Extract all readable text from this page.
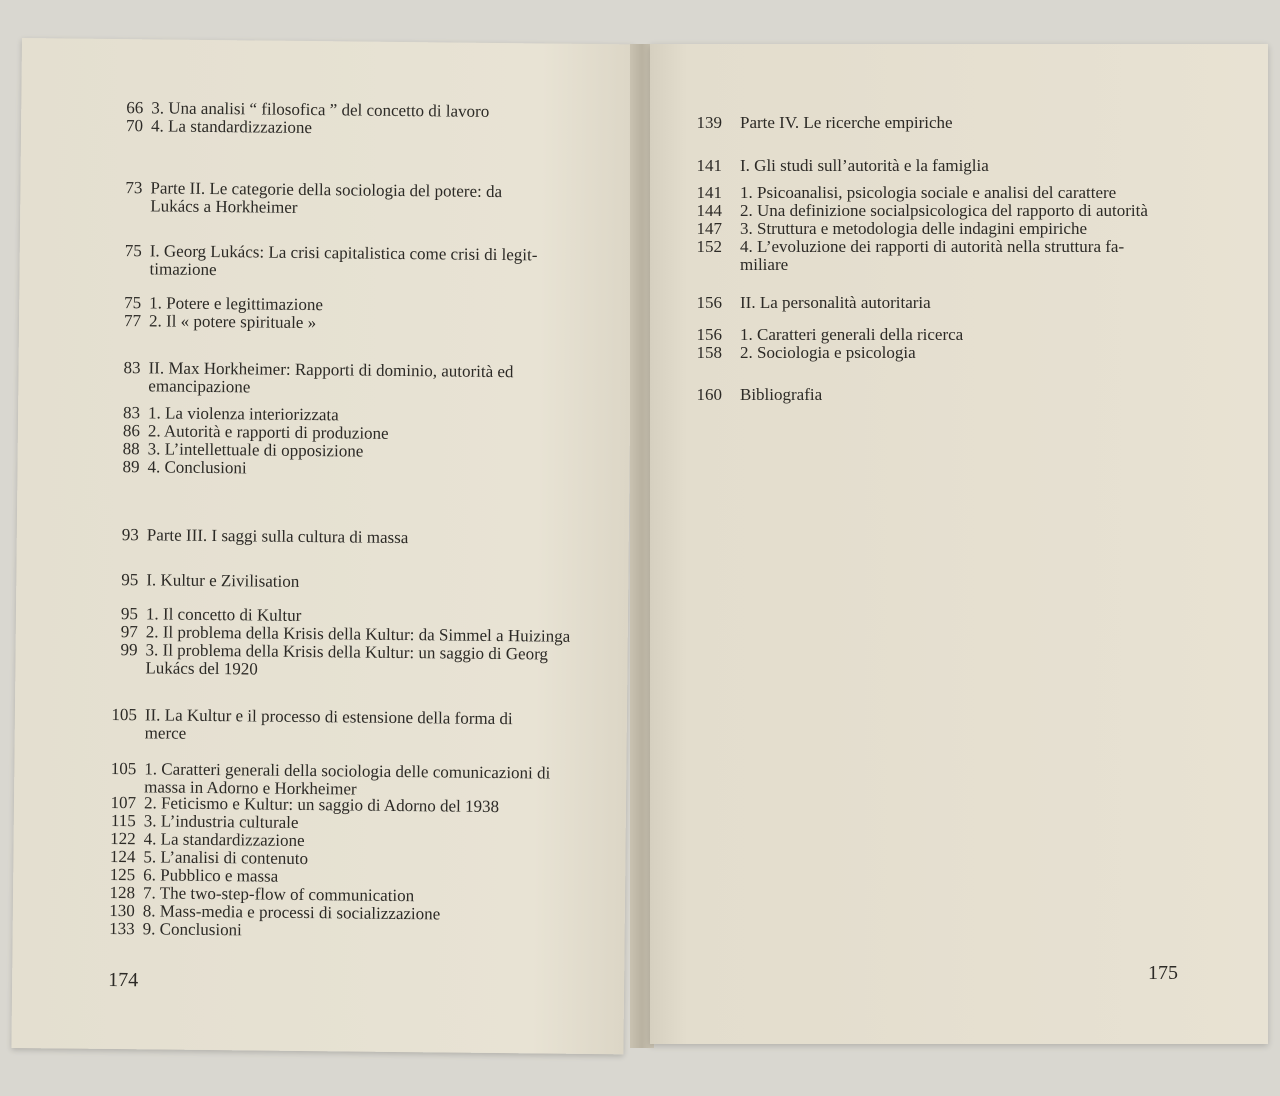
66 3. Una analisi “ filosofica ” del concetto di lavoro
70 4. La standardizzazione
73 Parte II. Le categorie della sociologia del potere: da
Lukács a Horkheimer
75 I. Georg Lukács: La crisi capitalistica come crisi di legit-
timazione
75 1. Potere e legittimazione
77 2. Il « potere spirituale »
83 II. Max Horkheimer: Rapporti di dominio, autorità ed
emancipazione
83 1. La violenza interiorizzata
86 2. Autorità e rapporti di produzione
88 3. L’intellettuale di opposizione
89 4. Conclusioni
93 Parte III. I saggi sulla cultura di massa
95 I. Kultur e Zivilisation
95 1. Il concetto di Kultur
97 2. Il problema della Krisis della Kultur: da Simmel a Huizinga
99 3. Il problema della Krisis della Kultur: un saggio di Georg
Lukács del 1920
105 II. La Kultur e il processo di estensione della forma di
merce
105 1. Caratteri generali della sociologia delle comunicazioni di
massa in Adorno e Horkheimer
107 2. Feticismo e Kultur: un saggio di Adorno del 1938
115 3. L’industria culturale
122 4. La standardizzazione
124 5. L’analisi di contenuto
125 6. Pubblico e massa
128 7. The two-step-flow of communication
130 8. Mass-media e processi di socializzazione
133 9. Conclusioni
174
139 Parte IV. Le ricerche empiriche
141 I. Gli studi sull’autorità e la famiglia
141 1. Psicoanalisi, psicologia sociale e analisi del carattere
144 2. Una definizione socialpsicologica del rapporto di autorità
147 3. Struttura e metodologia delle indagini empiriche
152 4. L’evoluzione dei rapporti di autorità nella struttura fa-
miliare
156 II. La personalità autoritaria
156 1. Caratteri generali della ricerca
158 2. Sociologia e psicologia
160 Bibliografia
175
